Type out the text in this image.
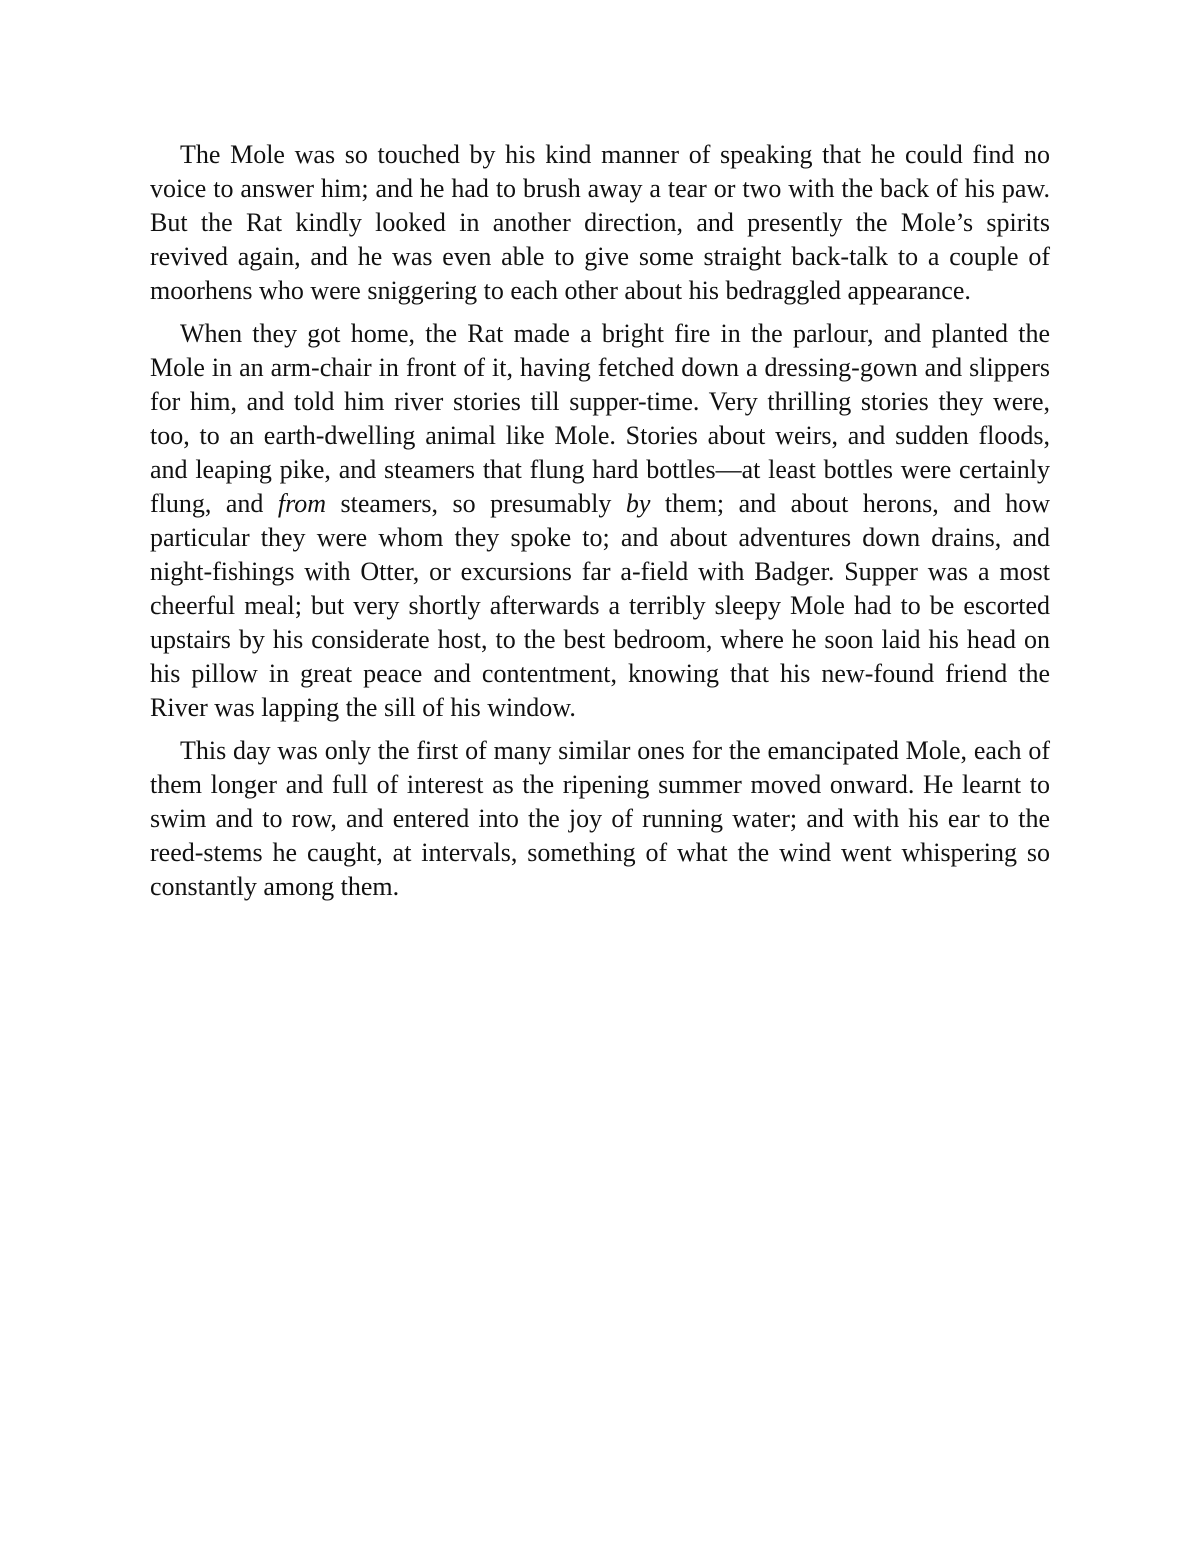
The Mole was so touched by his kind manner of speaking that he could find no voice to answer him; and he had to brush away a tear or two with the back of his paw. But the Rat kindly looked in another direction, and presently the Mole’s spirits revived again, and he was even able to give some straight back-talk to a couple of moorhens who were sniggering to each other about his bedraggled appearance.

When they got home, the Rat made a bright fire in the parlour, and planted the Mole in an arm-chair in front of it, having fetched down a dressing-gown and slippers for him, and told him river stories till supper-time. Very thrilling stories they were, too, to an earth-dwelling animal like Mole. Stories about weirs, and sudden floods, and leaping pike, and steamers that flung hard bottles—at least bottles were certainly flung, and from steamers, so presumably by them; and about herons, and how particular they were whom they spoke to; and about adventures down drains, and night-fishings with Otter, or excursions far a-field with Badger. Supper was a most cheerful meal; but very shortly afterwards a terribly sleepy Mole had to be escorted upstairs by his considerate host, to the best bedroom, where he soon laid his head on his pillow in great peace and contentment, knowing that his new-found friend the River was lapping the sill of his window.

This day was only the first of many similar ones for the emancipated Mole, each of them longer and full of interest as the ripening summer moved onward. He learnt to swim and to row, and entered into the joy of running water; and with his ear to the reed-stems he caught, at intervals, something of what the wind went whispering so constantly among them.
